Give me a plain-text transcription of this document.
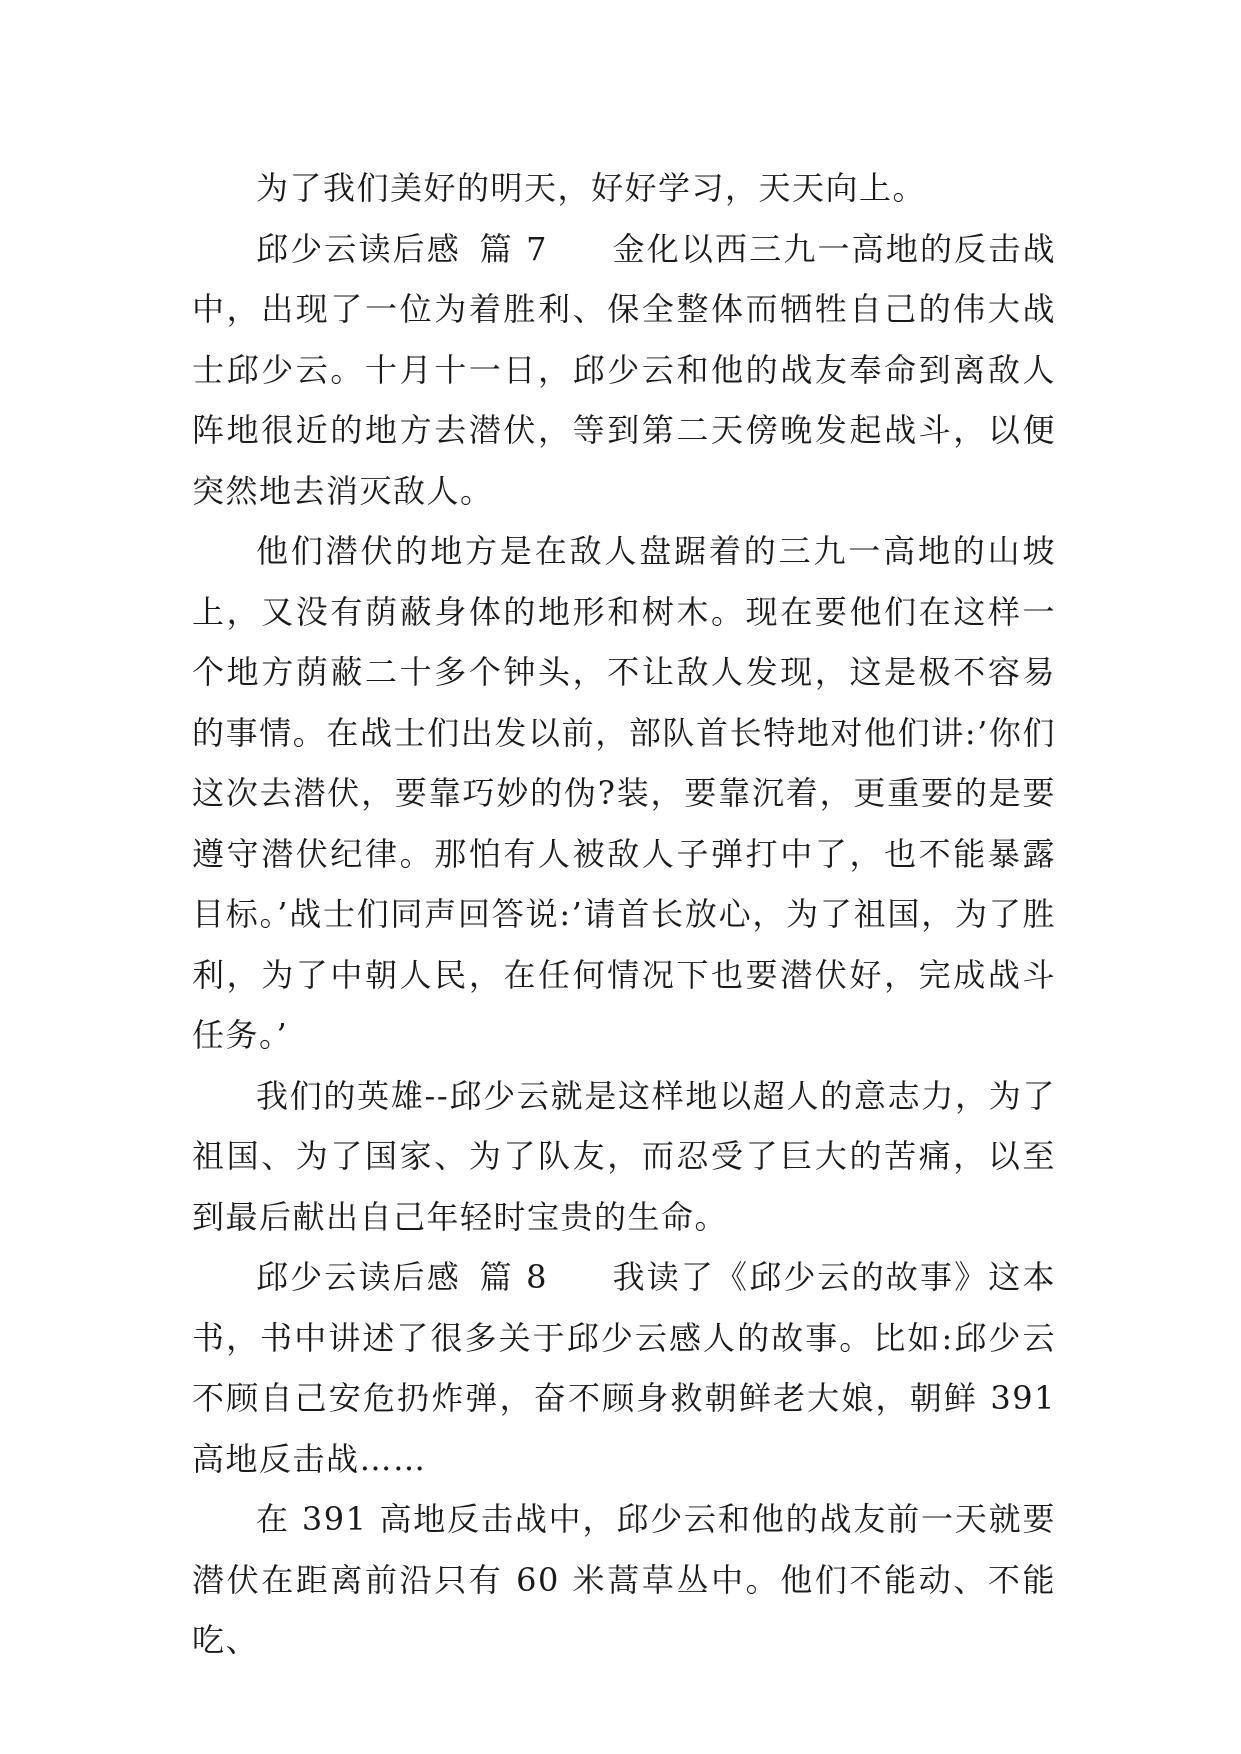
为了我们美好的明天，好好学习，天天向上。

邱少云读后感 篇 7 金化以西三九一高地的反击战中，出现了一位为着胜利、保全整体而牺牲自己的伟大战士邱少云。十月十一日，邱少云和他的战友奉命到离敌人阵地很近的地方去潜伏，等到第二天傍晚发起战斗，以便突然地去消灭敌人。

他们潜伏的地方是在敌人盘踞着的三九一高地的山坡上，又没有荫蔽身体的地形和树木。现在要他们在这样一个地方荫蔽二十多个钟头，不让敌人发现，这是极不容易的事情。在战士们出发以前，部队首长特地对他们讲:’你们这次去潜伏，要靠巧妙的伪?装，要靠沉着，更重要的是要遵守潜伏纪律。那怕有人被敌人子弹打中了，也不能暴露目标。’战士们同声回答说:’请首长放心，为了祖国，为了胜利，为了中朝人民，在任何情况下也要潜伏好，完成战斗任务。’

我们的英雄--邱少云就是这样地以超人的意志力，为了祖国、为了国家、为了队友，而忍受了巨大的苦痛，以至到最后献出自己年轻时宝贵的生命。

邱少云读后感 篇 8 我读了《邱少云的故事》这本书，书中讲述了很多关于邱少云感人的故事。比如:邱少云不顾自己安危扔炸弹，奋不顾身救朝鲜老大娘，朝鲜 391 高地反击战……

在 391 高地反击战中，邱少云和他的战友前一天就要潜伏在距离前沿只有 60 米蒿草丛中。他们不能动、不能吃、
